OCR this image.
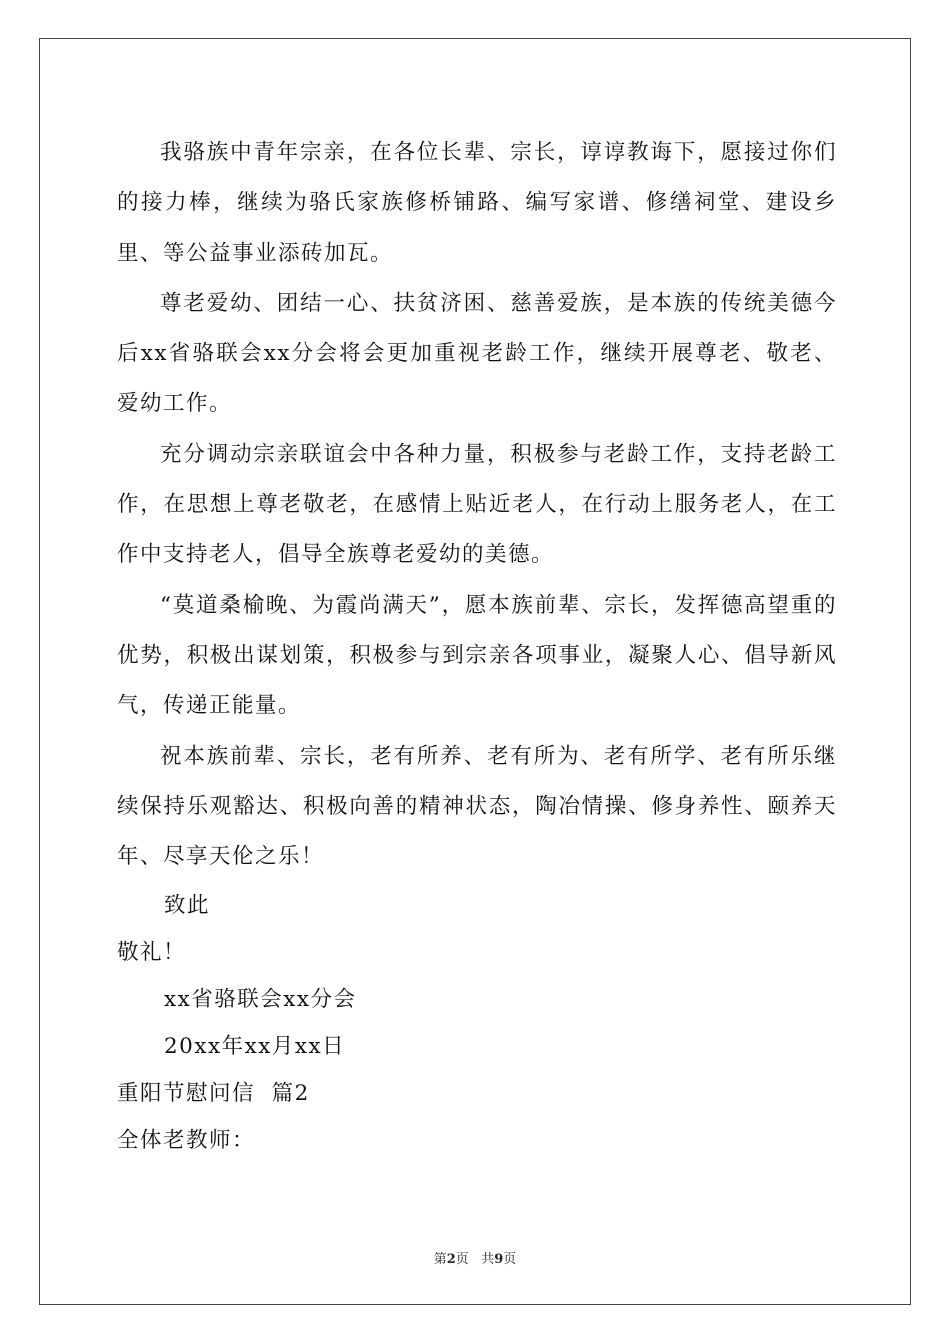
我骆族中青年宗亲，在各位长辈、宗长，谆谆教诲下，愿接过你们的接力棒，继续为骆氏家族修桥铺路、编写家谱、修缮祠堂、建设乡里、等公益事业添砖加瓦。

尊老爱幼、团结一心、扶贫济困、慈善爱族，是本族的传统美德今后xx省骆联会xx分会将会更加重视老龄工作，继续开展尊老、敬老、爱幼工作。

充分调动宗亲联谊会中各种力量，积极参与老龄工作，支持老龄工作，在思想上尊老敬老，在感情上贴近老人，在行动上服务老人，在工作中支持老人，倡导全族尊老爱幼的美德。

“莫道桑榆晚、为霞尚满天”，愿本族前辈、宗长，发挥德高望重的优势，积极出谋划策，积极参与到宗亲各项事业，凝聚人心、倡导新风气，传递正能量。

祝本族前辈、宗长，老有所养、老有所为、老有所学、老有所乐继续保持乐观豁达、积极向善的精神状态，陶冶情操、修身养性、颐养天年、尽享天伦之乐！

致此

敬礼！

xx省骆联会xx分会

20xx年xx月xx日

重阳节慰问信  篇2

全体老教师：

第2页   共9页
